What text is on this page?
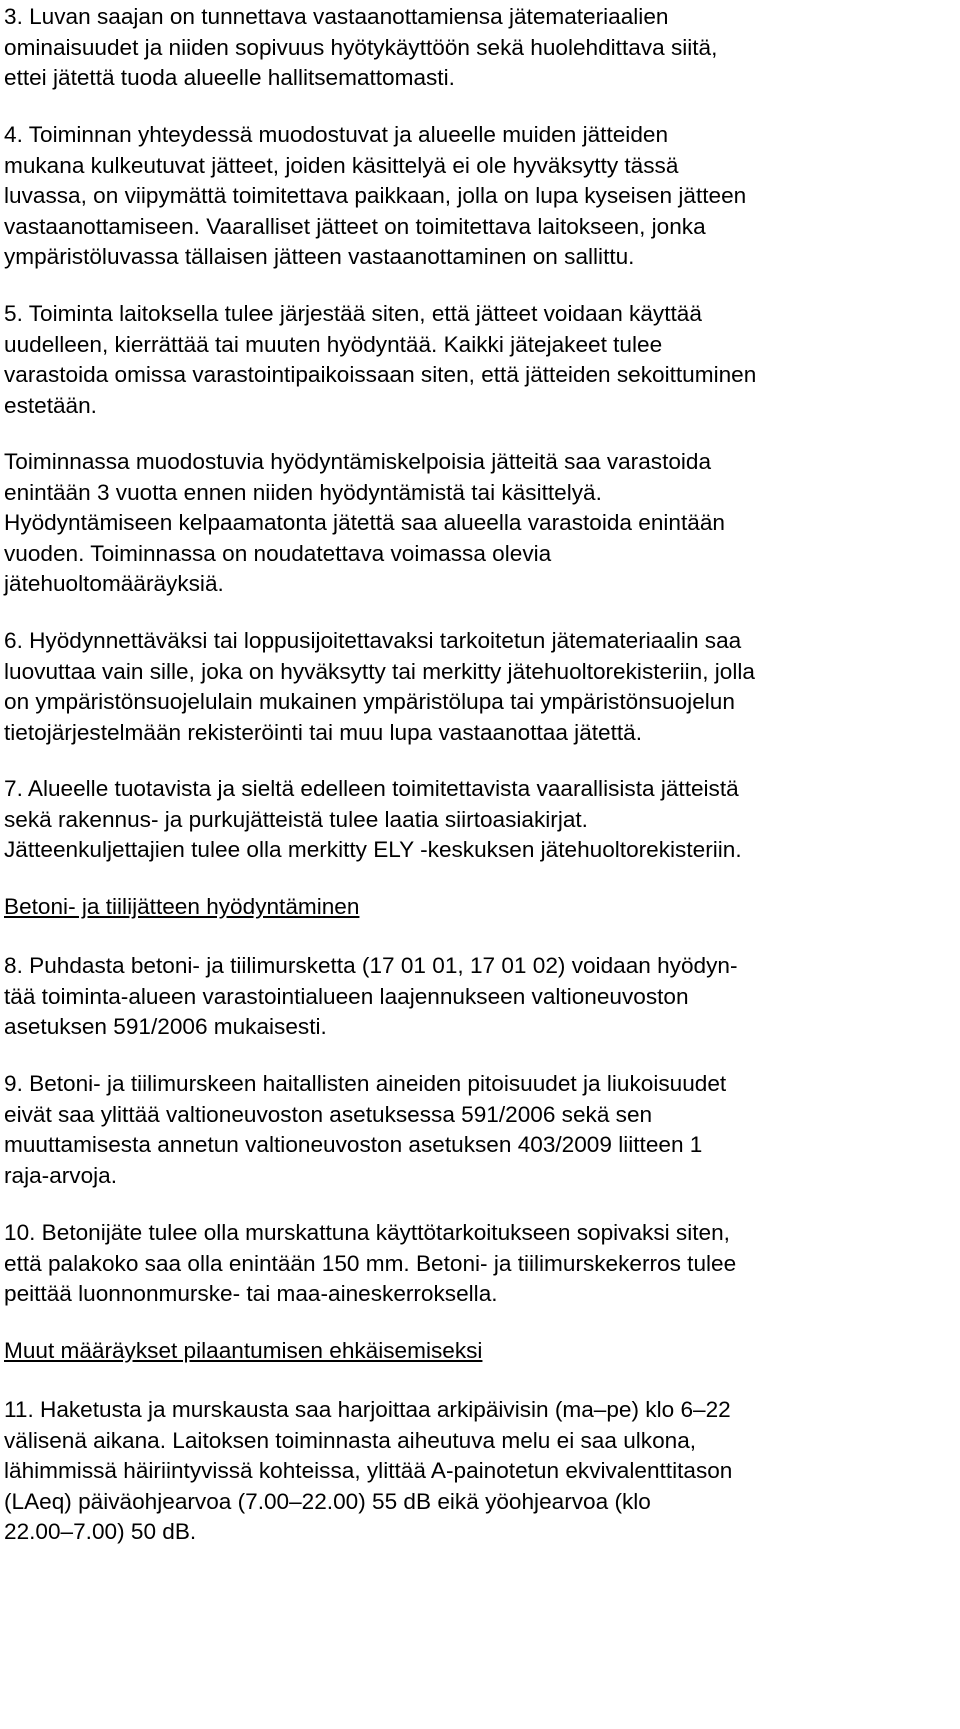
3. Luvan saajan on tunnettava vastaanottamiensa jätemateriaalien
ominaisuudet ja niiden sopivuus hyötykäyttöön sekä huolehdittava siitä,
ettei jätettä tuoda alueelle hallitsemattomasti.

4. Toiminnan yhteydessä muodostuvat ja alueelle muiden jätteiden
mukana kulkeutuvat jätteet, joiden käsittelyä ei ole hyväksytty tässä
luvassa, on viipymättä toimitettava paikkaan, jolla on lupa kyseisen jätteen
vastaanottamiseen. Vaaralliset jätteet on toimitettava laitokseen, jonka
ympäristöluvassa tällaisen jätteen vastaanottaminen on sallittu.

5. Toiminta laitoksella tulee järjestää siten, että jätteet voidaan käyttää
uudelleen, kierrättää tai muuten hyödyntää. Kaikki jätejakeet tulee
varastoida omissa varastointipaikoissaan siten, että jätteiden sekoittuminen
estetään.

Toiminnassa muodostuvia hyödyntämiskelpoisia jätteitä saa varastoida
enintään 3 vuotta ennen niiden hyödyntämistä tai käsittelyä.
Hyödyntämiseen kelpaamatonta jätettä saa alueella varastoida enintään
vuoden. Toiminnassa on noudatettava voimassa olevia
jätehuoltomääräyksiä.

6. Hyödynnettäväksi tai loppusijoitettavaksi tarkoitetun jätemateriaalin saa
luovuttaa vain sille, joka on hyväksytty tai merkitty jätehuoltorekisteriin, jolla
on ympäristönsuojelulain mukainen ympäristölupa tai ympäristönsuojelun
tietojärjestelmään rekisteröinti tai muu lupa vastaanottaa jätettä.

7. Alueelle tuotavista ja sieltä edelleen toimitettavista vaarallisista jätteistä
sekä rakennus- ja purkujätteistä tulee laatia siirtoasiakirjat.
Jätteenkuljettajien tulee olla merkitty ELY -keskuksen jätehuoltorekisteriin.

Betoni- ja tiilijätteen hyödyntäminen

8. Puhdasta betoni- ja tiilimursketta (17 01 01, 17 01 02) voidaan hyödyn-
tää toiminta-alueen varastointialueen laajennukseen valtioneuvoston
asetuksen 591/2006 mukaisesti.

9. Betoni- ja tiilimurskeen haitallisten aineiden pitoisuudet ja liukoisuudet
eivät saa ylittää valtioneuvoston asetuksessa 591/2006 sekä sen
muuttamisesta annetun valtioneuvoston asetuksen 403/2009 liitteen 1
raja-arvoja.

10. Betonijäte tulee olla murskattuna käyttötarkoitukseen sopivaksi siten,
että palakoko saa olla enintään 150 mm. Betoni- ja tiilimurskekerros tulee
peittää luonnonmurske- tai maa-aineskerroksella.

Muut määräykset pilaantumisen ehkäisemiseksi

11. Haketusta ja murskausta saa harjoittaa arkipäivisin (ma–pe) klo 6–22
välisenä aikana. Laitoksen toiminnasta aiheutuva melu ei saa ulkona,
lähimmissä häiriintyvissä kohteissa, ylittää A-painotetun ekvivalenttitason
(LAeq) päiväohjearvoa (7.00–22.00) 55 dB eikä yöohjearvoa (klo
22.00–7.00) 50 dB.
